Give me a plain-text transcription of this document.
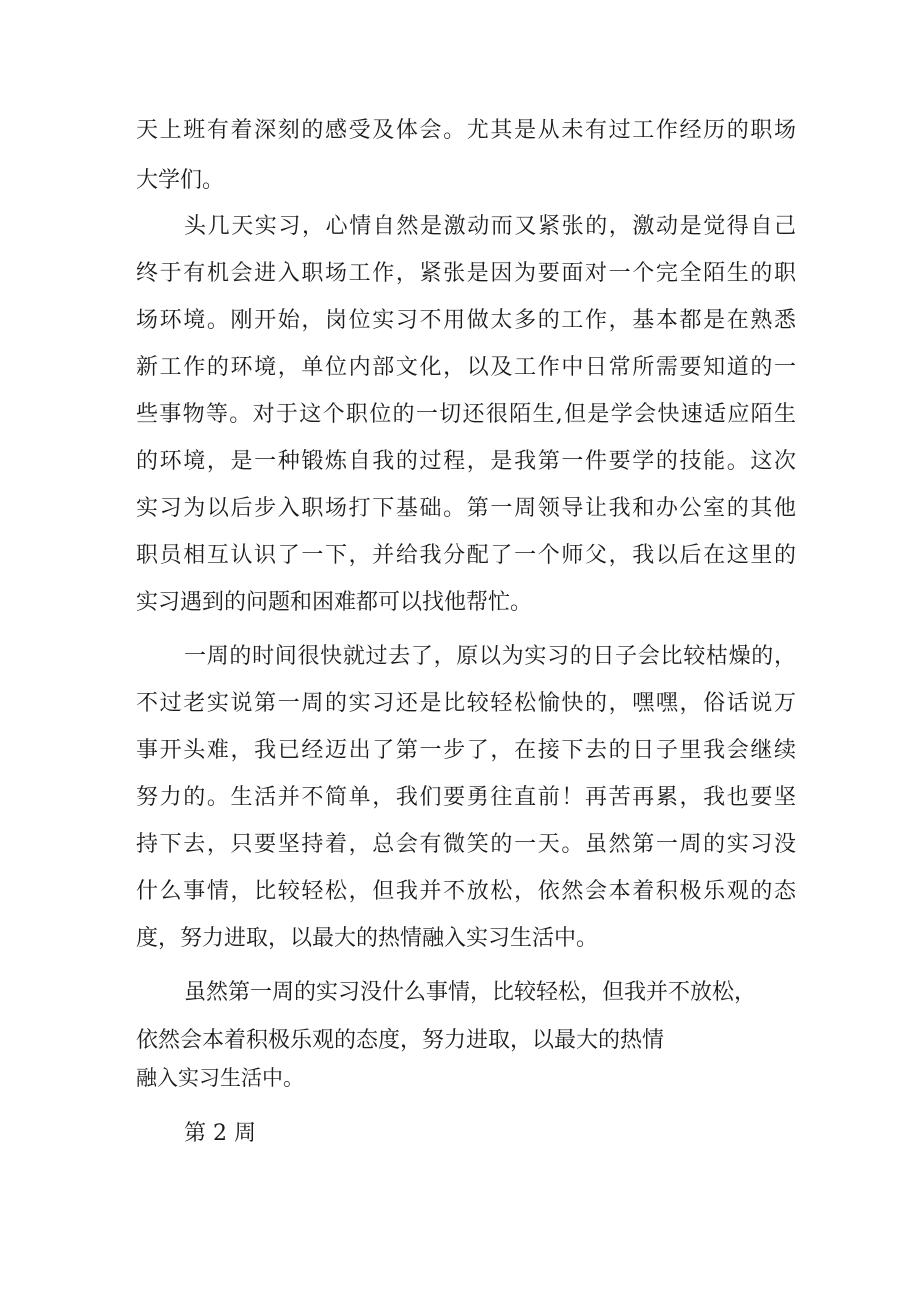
天上班有着深刻的感受及体会。尤其是从未有过工作经历的职场
大学们。
头几天实习，心情自然是激动而又紧张的，激动是觉得自己
终于有机会进入职场工作，紧张是因为要面对一个完全陌生的职
场环境。刚开始，岗位实习不用做太多的工作，基本都是在熟悉
新工作的环境，单位内部文化，以及工作中日常所需要知道的一
些事物等。对于这个职位的一切还很陌生,但是学会快速适应陌生
的环境，是一种锻炼自我的过程，是我第一件要学的技能。这次
实习为以后步入职场打下基础。第一周领导让我和办公室的其他
职员相互认识了一下，并给我分配了一个师父，我以后在这里的
实习遇到的问题和困难都可以找他帮忙。
一周的时间很快就过去了，原以为实习的日子会比较枯燥的，
不过老实说第一周的实习还是比较轻松愉快的，嘿嘿，俗话说万
事开头难，我已经迈出了第一步了，在接下去的日子里我会继续
努力的。生活并不简单，我们要勇往直前！再苦再累，我也要坚
持下去，只要坚持着，总会有微笑的一天。虽然第一周的实习没
什么事情，比较轻松，但我并不放松，依然会本着积极乐观的态
度，努力进取，以最大的热情融入实习生活中。
虽然第一周的实习没什么事情，比较轻松，但我并不放松，
依然会本着积极乐观的态度，努力进取，以最大的热情
融入实习生活中。
第 2 周
